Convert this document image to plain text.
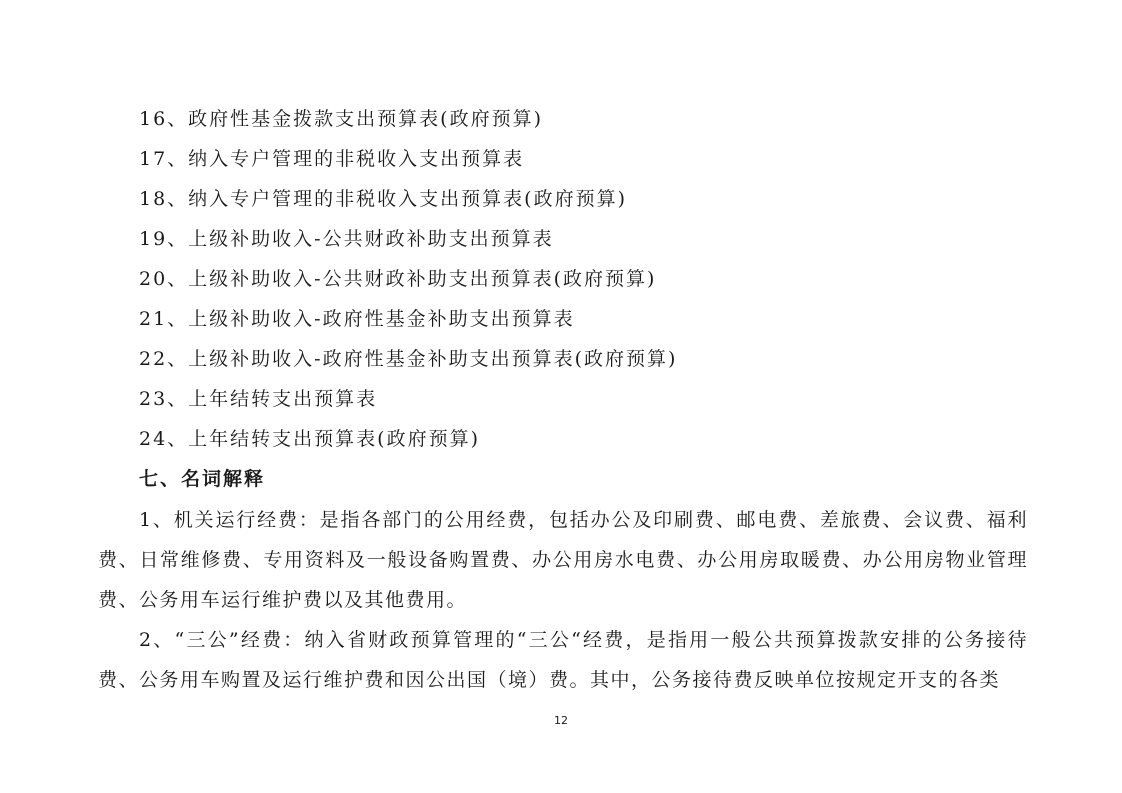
16、政府性基金拨款支出预算表(政府预算)
17、纳入专户管理的非税收入支出预算表
18、纳入专户管理的非税收入支出预算表(政府预算)
19、上级补助收入-公共财政补助支出预算表
20、上级补助收入-公共财政补助支出预算表(政府预算)
21、上级补助收入-政府性基金补助支出预算表
22、上级补助收入-政府性基金补助支出预算表(政府预算)
23、上年结转支出预算表
24、上年结转支出预算表(政府预算)
七、名词解释

1、机关运行经费：是指各部门的公用经费，包括办公及印刷费、邮电费、差旅费、会议费、福利费、日常维修费、专用资料及一般设备购置费、办公用房水电费、办公用房取暖费、办公用房物业管理费、公务用车运行维护费以及其他费用。

2、“三公”经费：纳入省财政预算管理的“三公“经费，是指用一般公共预算拨款安排的公务接待费、公务用车购置及运行维护费和因公出国（境）费。其中，公务接待费反映单位按规定开支的各类

12
